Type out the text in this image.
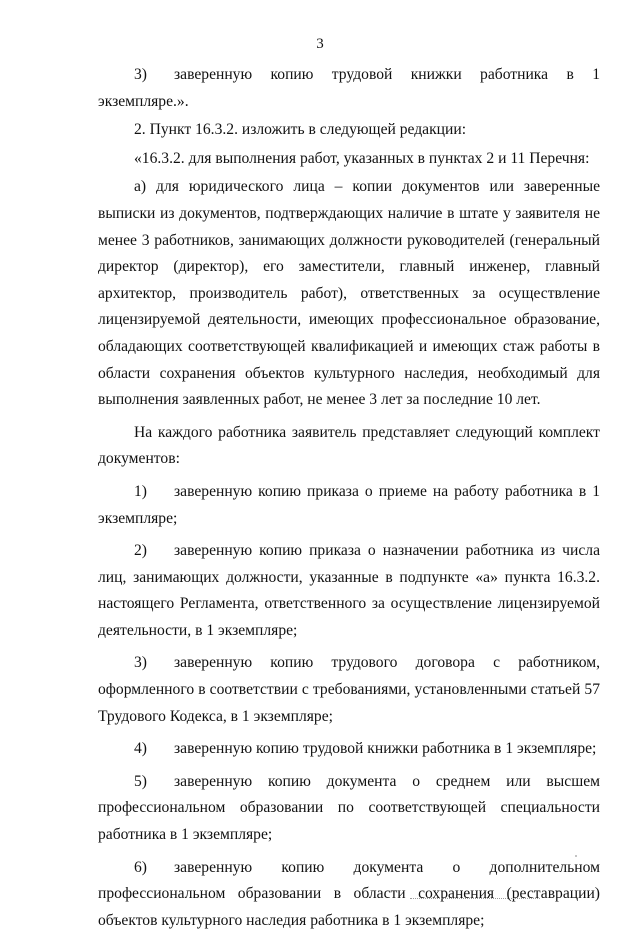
3

3) заверенную копию трудовой книжки работника в 1 экземпляре.».

2. Пункт 16.3.2. изложить в следующей редакции:

«16.3.2. для выполнения работ, указанных в пунктах 2 и 11 Перечня:

а) для юридического лица – копии документов или заверенные выписки из документов, подтверждающих наличие в штате у заявителя не менее 3 работников, занимающих должности руководителей (генеральный директор (директор), его заместители, главный инженер, главный архитектор, производитель работ), ответственных за осуществление лицензируемой деятельности, имеющих профессиональное образование, обладающих соответствующей квалификацией и имеющих стаж работы в области сохранения объектов культурного наследия, необходимый для выполнения заявленных работ, не менее 3 лет за последние 10 лет.

На каждого работника заявитель представляет следующий комплект документов:

1) заверенную копию приказа о приеме на работу работника в 1 экземпляре;

2) заверенную копию приказа о назначении работника из числа лиц, занимающих должности, указанные в подпункте «а» пункта 16.3.2. настоящего Регламента, ответственного за осуществление лицензируемой деятельности, в 1 экземпляре;

3) заверенную копию трудового договора с работником, оформленного в соответствии с требованиями, установленными статьей 57 Трудового Кодекса, в 1 экземпляре;

4) заверенную копию трудовой книжки работника в 1 экземпляре;

5) заверенную копию документа о среднем или высшем профессиональном образовании по соответствующей специальности работника в 1 экземпляре;

6) заверенную копию документа о дополнительном профессиональном образовании в области сохранения (реставрации) объектов культурного наследия работника в 1 экземпляре;
